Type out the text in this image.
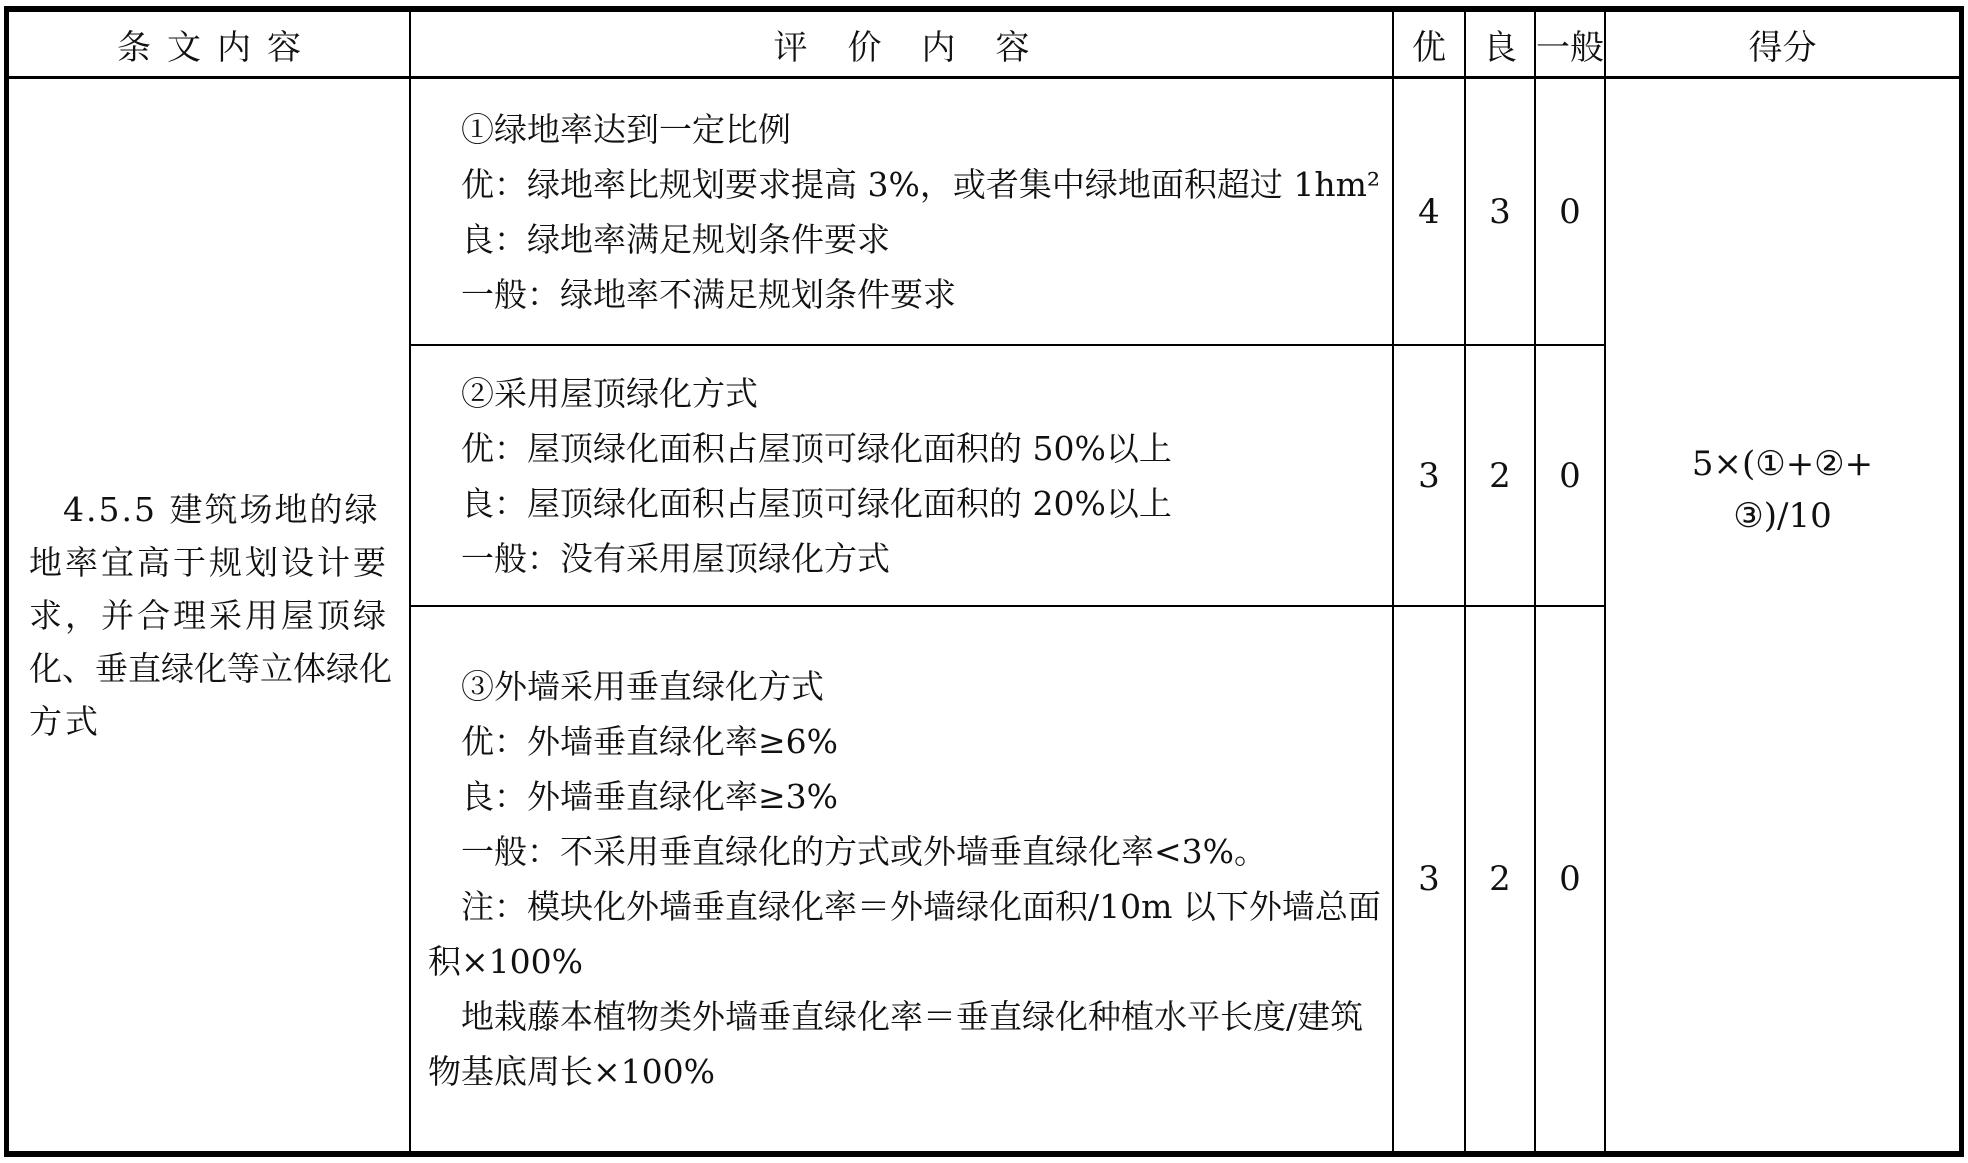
条文内容	评价内容	优	良 一般	得分
4.5.5 建筑场地的绿
地率宜高于规划设计要
求，并合理采用屋顶绿
化、垂直绿化等立体绿化
方式
①绿地率达到一定比例
优：绿地率比规划要求提高 3%，或者集中绿地面积超过 1hm²
良：绿地率满足规划条件要求
一般：绿地率不满足规划条件要求
4	3	0
②采用屋顶绿化方式
优：屋顶绿化面积占屋顶可绿化面积的 50%以上
良：屋顶绿化面积占屋顶可绿化面积的 20%以上
一般：没有采用屋顶绿化方式
3	2	0
③外墙采用垂直绿化方式
优：外墙垂直绿化率≥6%
良：外墙垂直绿化率≥3%
一般：不采用垂直绿化的方式或外墙垂直绿化率<3%。
注：模块化外墙垂直绿化率＝外墙绿化面积/10m 以下外墙总面
积×100%
地栽藤本植物类外墙垂直绿化率＝垂直绿化种植水平长度/建筑
物基底周长×100%
3	2	0
5×(①+②+
③)/10
